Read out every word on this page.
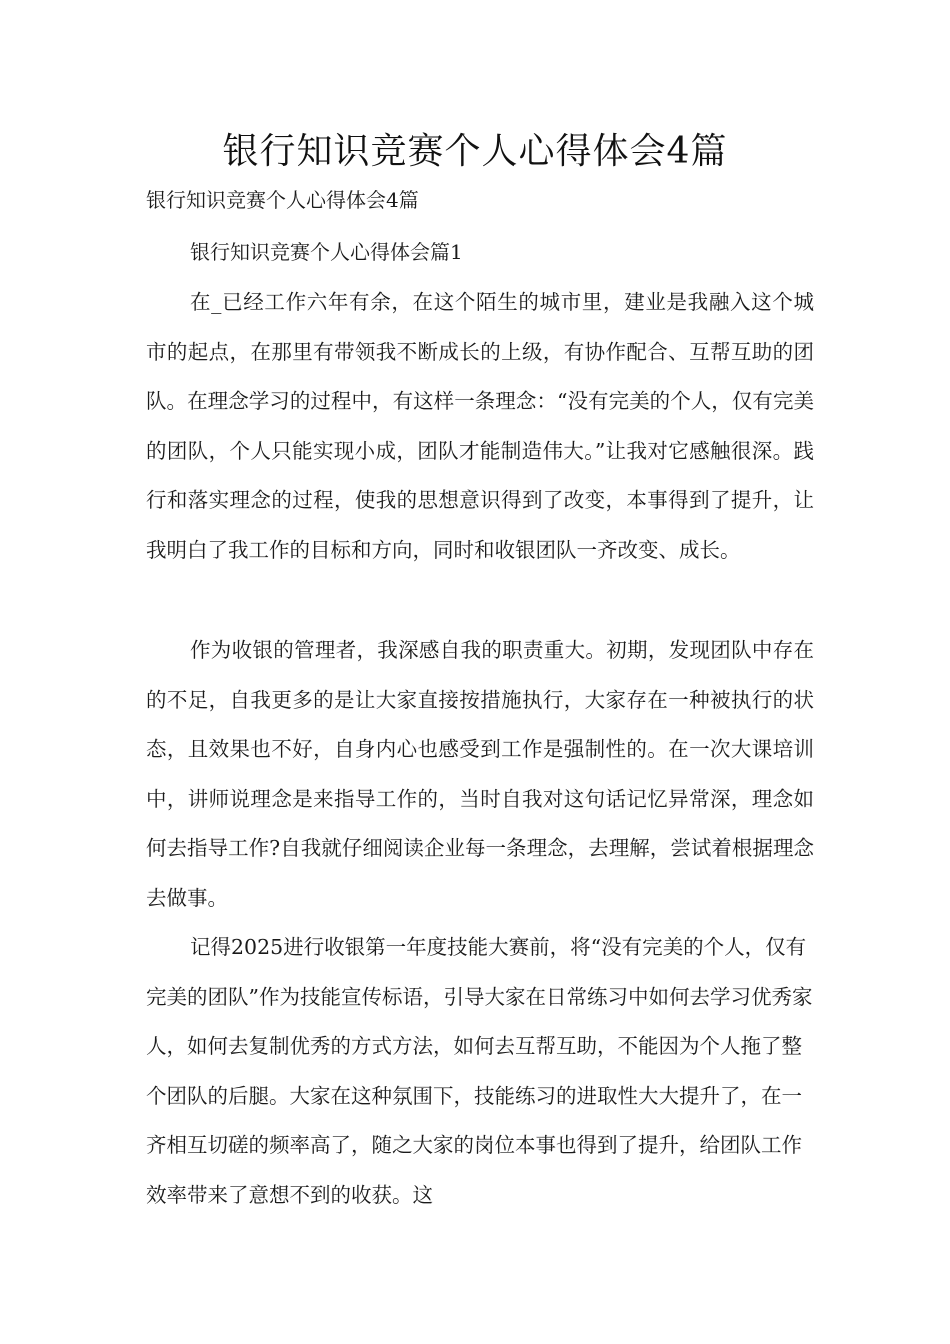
银行知识竞赛个人心得体会4篇

银行知识竞赛个人心得体会4篇

银行知识竞赛个人心得体会篇1

在_已经工作六年有余，在这个陌生的城市里，建业是我融入这个城市的起点，在那里有带领我不断成长的上级，有协作配合、互帮互助的团队。在理念学习的过程中，有这样一条理念：“没有完美的个人，仅有完美的团队，个人只能实现小成，团队才能制造伟大。”让我对它感触很深。践行和落实理念的过程，使我的思想意识得到了改变，本事得到了提升，让我明白了我工作的目标和方向，同时和收银团队一齐改变、成长。

作为收银的管理者，我深感自我的职责重大。初期，发现团队中存在的不足，自我更多的是让大家直接按措施执行，大家存在一种被执行的状态，且效果也不好，自身内心也感受到工作是强制性的。在一次大课培训中，讲师说理念是来指导工作的，当时自我对这句话记忆异常深，理念如何去指导工作?自我就仔细阅读企业每一条理念，去理解，尝试着根据理念去做事。

记得2025进行收银第一年度技能大赛前，将“没有完美的个人，仅有完美的团队”作为技能宣传标语，引导大家在日常练习中如何去学习优秀家人，如何去复制优秀的方式方法，如何去互帮互助，不能因为个人拖了整个团队的后腿。大家在这种氛围下，技能练习的进取性大大提升了，在一齐相互切磋的频率高了，随之大家的岗位本事也得到了提升，给团队工作效率带来了意想不到的收获。这
